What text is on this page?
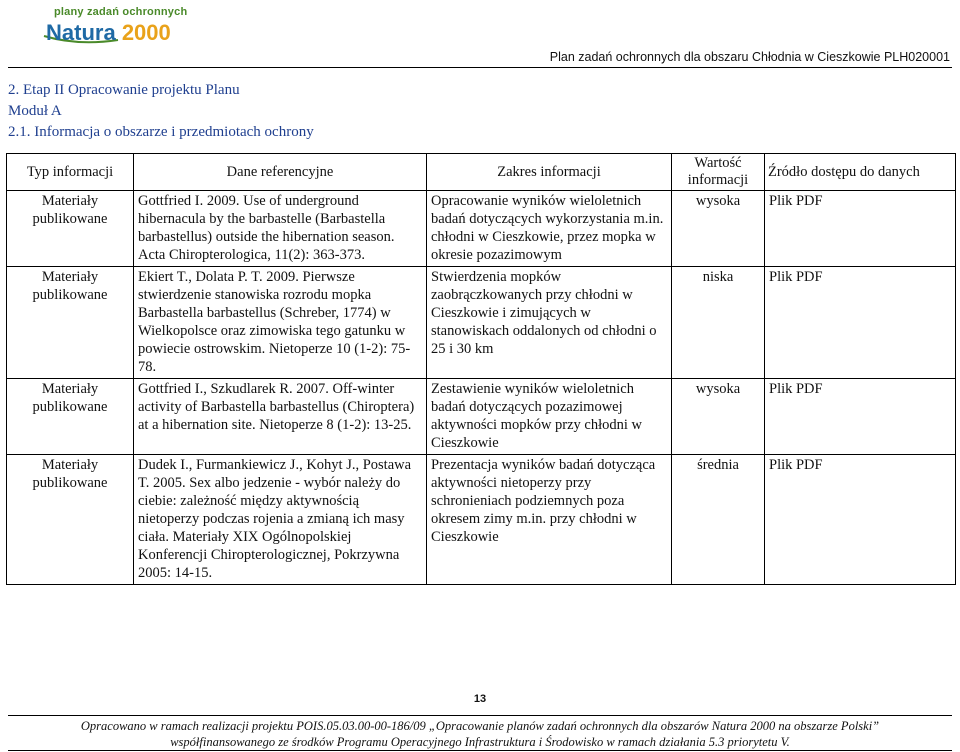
plany zadań ochronnych
Natura 2000
Plan zadań ochronnych dla obszaru Chłodnia w Cieszkowie PLH020001
2. Etap II Opracowanie projektu Planu
Moduł A
2.1. Informacja o obszarze i przedmiotach ochrony
Typ informacji	Dane referencyjne	Zakres informacji	Wartość informacji	Źródło dostępu do danych
Materiały publikowane	Gottfried I. 2009. Use of underground hibernacula by the barbastelle (Barbastella barbastellus) outside the hibernation season. Acta Chiropterologica, 11(2): 363-373.	Opracowanie wyników wieloletnich badań dotyczących wykorzystania m.in. chłodni w Cieszkowie, przez mopka w okresie pozazimowym	wysoka	Plik PDF
Materiały publikowane	Ekiert T., Dolata P. T. 2009. Pierwsze stwierdzenie stanowiska rozrodu mopka Barbastella barbastellus (Schreber, 1774) w Wielkopolsce oraz zimowiska tego gatunku w powiecie ostrowskim. Nietoperze 10 (1-2): 75-78.	Stwierdzenia mopków zaobrączkowanych przy chłodni w Cieszkowie i zimujących w stanowiskach oddalonych od chłodni o 25 i 30 km	niska	Plik PDF
Materiały publikowane	Gottfried I., Szkudlarek R. 2007. Off-winter activity of Barbastella barbastellus (Chiroptera) at a hibernation site. Nietoperze 8 (1-2): 13-25.	Zestawienie wyników wieloletnich badań dotyczących pozazimowej aktywności mopków przy chłodni w Cieszkowie	wysoka	Plik PDF
Materiały publikowane	Dudek I., Furmankiewicz J., Kohyt J., Postawa T. 2005. Sex albo jedzenie - wybór należy do ciebie: zależność między aktywnością nietoperzy podczas rojenia a zmianą ich masy ciała. Materiały XIX Ogólnopolskiej Konferencji Chiropterologicznej, Pokrzywna 2005: 14-15.	Prezentacja wyników badań dotycząca aktywności nietoperzy przy schronieniach podziemnych poza okresem zimy m.in. przy chłodni w Cieszkowie	średnia	Plik PDF
13
Opracowano w ramach realizacji projektu POIS.05.03.00-00-186/09 „Opracowanie planów zadań ochronnych dla obszarów Natura 2000 na obszarze Polski”
współfinansowanego ze środków Programu Operacyjnego Infrastruktura i Środowisko w ramach działania 5.3 priorytetu V.
